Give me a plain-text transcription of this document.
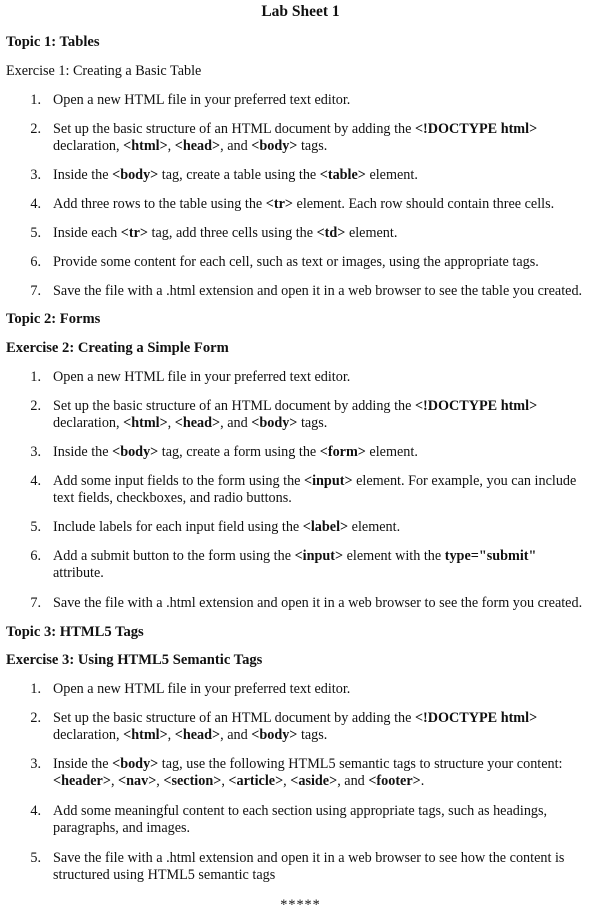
Lab Sheet 1
Topic 1: Tables
Exercise 1: Creating a Basic Table
1. Open a new HTML file in your preferred text editor.
2. Set up the basic structure of an HTML document by adding the <!DOCTYPE html>
declaration, <html>, <head>, and <body> tags.
3. Inside the <body> tag, create a table using the <table> element.
4. Add three rows to the table using the <tr> element. Each row should contain three cells.
5. Inside each <tr> tag, add three cells using the <td> element.
6. Provide some content for each cell, such as text or images, using the appropriate tags.
7. Save the file with a .html extension and open it in a web browser to see the table you created.
Topic 2: Forms
Exercise 2: Creating a Simple Form
1. Open a new HTML file in your preferred text editor.
2. Set up the basic structure of an HTML document by adding the <!DOCTYPE html>
declaration, <html>, <head>, and <body> tags.
3. Inside the <body> tag, create a form using the <form> element.
4. Add some input fields to the form using the <input> element. For example, you can include
text fields, checkboxes, and radio buttons.
5. Include labels for each input field using the <label> element.
6. Add a submit button to the form using the <input> element with the type="submit"
attribute.
7. Save the file with a .html extension and open it in a web browser to see the form you created.
Topic 3: HTML5 Tags
Exercise 3: Using HTML5 Semantic Tags
1. Open a new HTML file in your preferred text editor.
2. Set up the basic structure of an HTML document by adding the <!DOCTYPE html>
declaration, <html>, <head>, and <body> tags.
3. Inside the <body> tag, use the following HTML5 semantic tags to structure your content:
<header>, <nav>, <section>, <article>, <aside>, and <footer>.
4. Add some meaningful content to each section using appropriate tags, such as headings,
paragraphs, and images.
5. Save the file with a .html extension and open it in a web browser to see how the content is
structured using HTML5 semantic tags
*****
